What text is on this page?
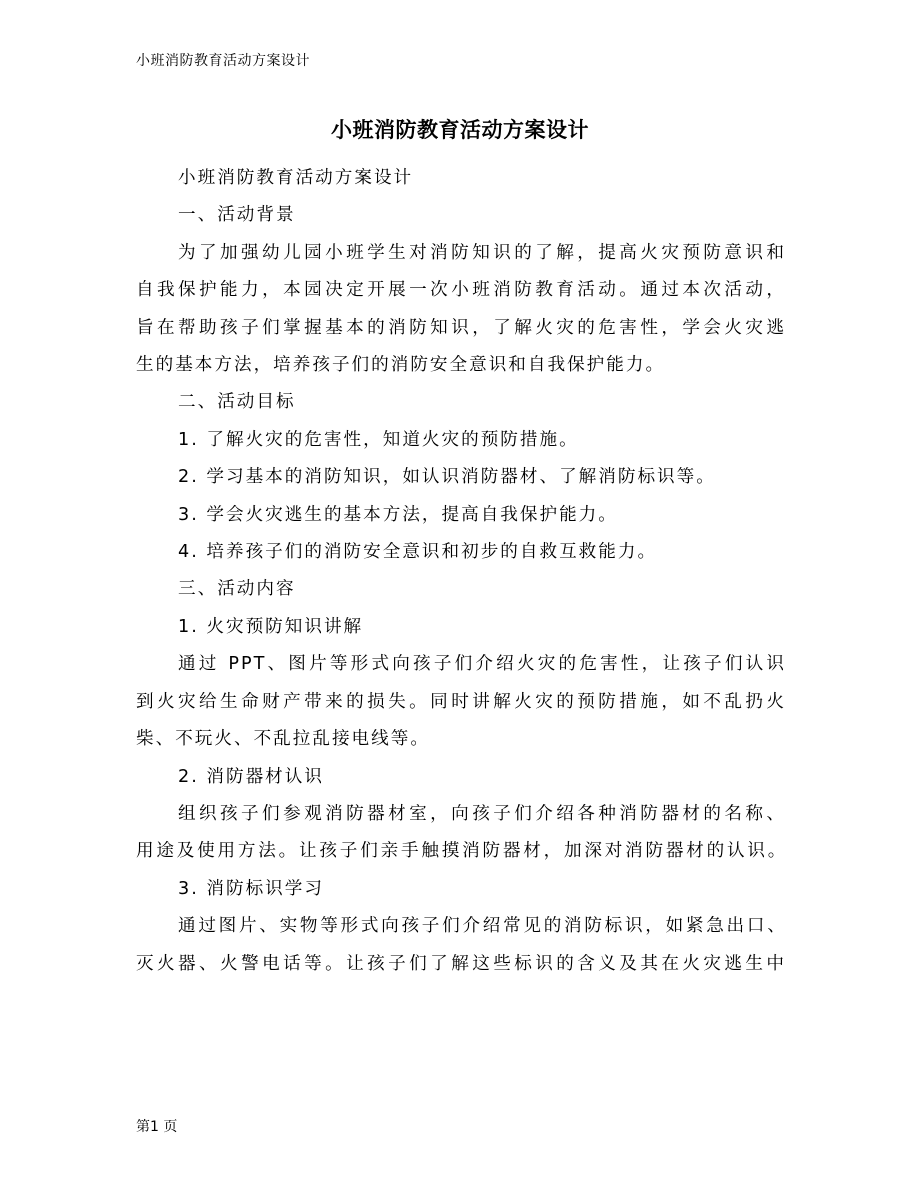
小班消防教育活动方案设计
小班消防教育活动方案设计
小班消防教育活动方案设计
一、活动背景
为了加强幼儿园小班学生对消防知识的了解，提高火灾预防意识和
自我保护能力，本园决定开展一次小班消防教育活动。通过本次活动，
旨在帮助孩子们掌握基本的消防知识，了解火灾的危害性，学会火灾逃
生的基本方法，培养孩子们的消防安全意识和自我保护能力。
二、活动目标
1. 了解火灾的危害性，知道火灾的预防措施。
2. 学习基本的消防知识，如认识消防器材、了解消防标识等。
3. 学会火灾逃生的基本方法，提高自我保护能力。
4. 培养孩子们的消防安全意识和初步的自救互救能力。
三、活动内容
1. 火灾预防知识讲解
通过 PPT、图片等形式向孩子们介绍火灾的危害性，让孩子们认识
到火灾给生命财产带来的损失。同时讲解火灾的预防措施，如不乱扔火
柴、不玩火、不乱拉乱接电线等。
2. 消防器材认识
组织孩子们参观消防器材室，向孩子们介绍各种消防器材的名称、
用途及使用方法。让孩子们亲手触摸消防器材，加深对消防器材的认识。
3. 消防标识学习
通过图片、实物等形式向孩子们介绍常见的消防标识，如紧急出口、
灭火器、火警电话等。让孩子们了解这些标识的含义及其在火灾逃生中
第1 页
